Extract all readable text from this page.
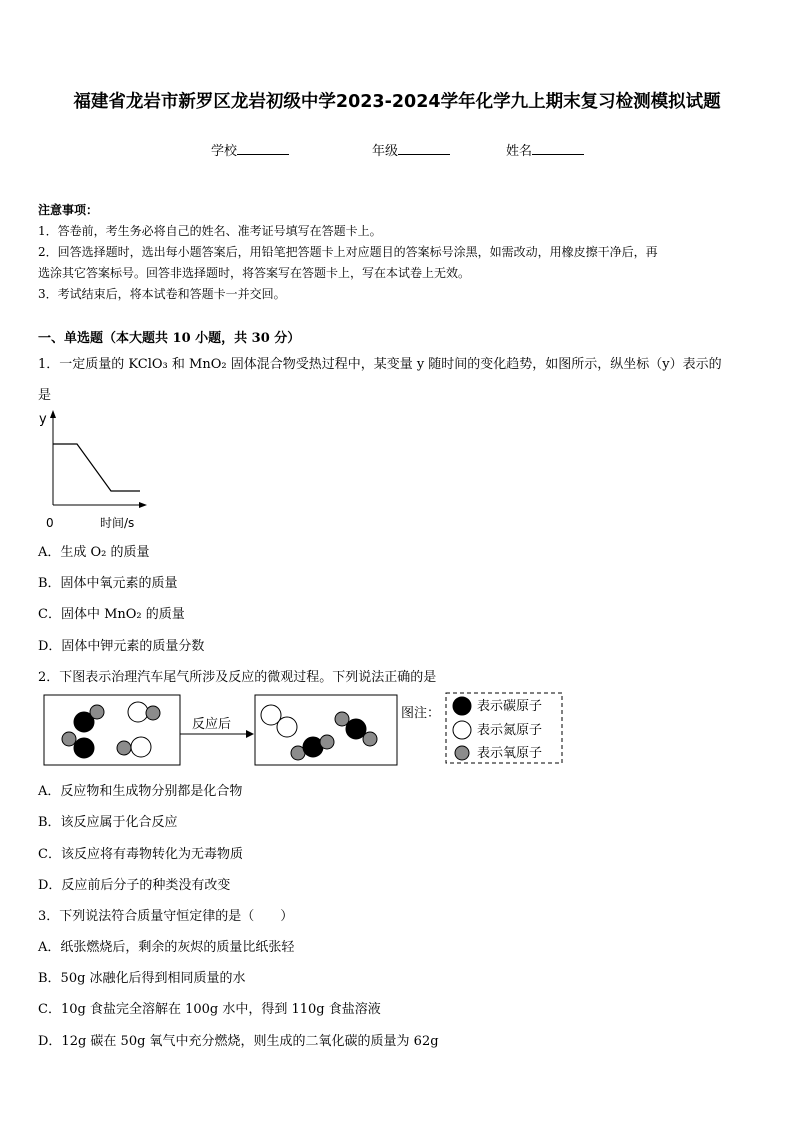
福建省龙岩市新罗区龙岩初级中学2023-2024学年化学九上期末复习检测模拟试题
学校	年级	姓名
注意事项：
1．答卷前，考生务必将自己的姓名、准考证号填写在答题卡上。
2．回答选择题时，选出每小题答案后，用铅笔把答题卡上对应题目的答案标号涂黑，如需改动，用橡皮擦干净后，再
选涂其它答案标号。回答非选择题时，将答案写在答题卡上，写在本试卷上无效。
3．考试结束后，将本试卷和答题卡一并交回。
一、单选题（本大题共 10 小题，共 30 分）
1．一定质量的 KClO₃ 和 MnO₂ 固体混合物受热过程中，某变量 y 随时间的变化趋势，如图所示，纵坐标（y）表示的
是
y
0	时间/s
A．生成 O₂ 的质量
B．固体中氧元素的质量
C．固体中 MnO₂ 的质量
D．固体中钾元素的质量分数
2．下图表示治理汽车尾气所涉及反应的微观过程。下列说法正确的是
反应后
图注：	表示碳原子
表示氮原子
表示氧原子
A．反应物和生成物分别都是化合物
B．该反应属于化合反应
C．该反应将有毒物转化为无毒物质
D．反应前后分子的种类没有改变
3．下列说法符合质量守恒定律的是（　　）
A．纸张燃烧后，剩余的灰烬的质量比纸张轻
B．50g 冰融化后得到相同质量的水
C．10g 食盐完全溶解在 100g 水中，得到 110g 食盐溶液
D．12g 碳在 50g 氧气中充分燃烧，则生成的二氧化碳的质量为 62g
